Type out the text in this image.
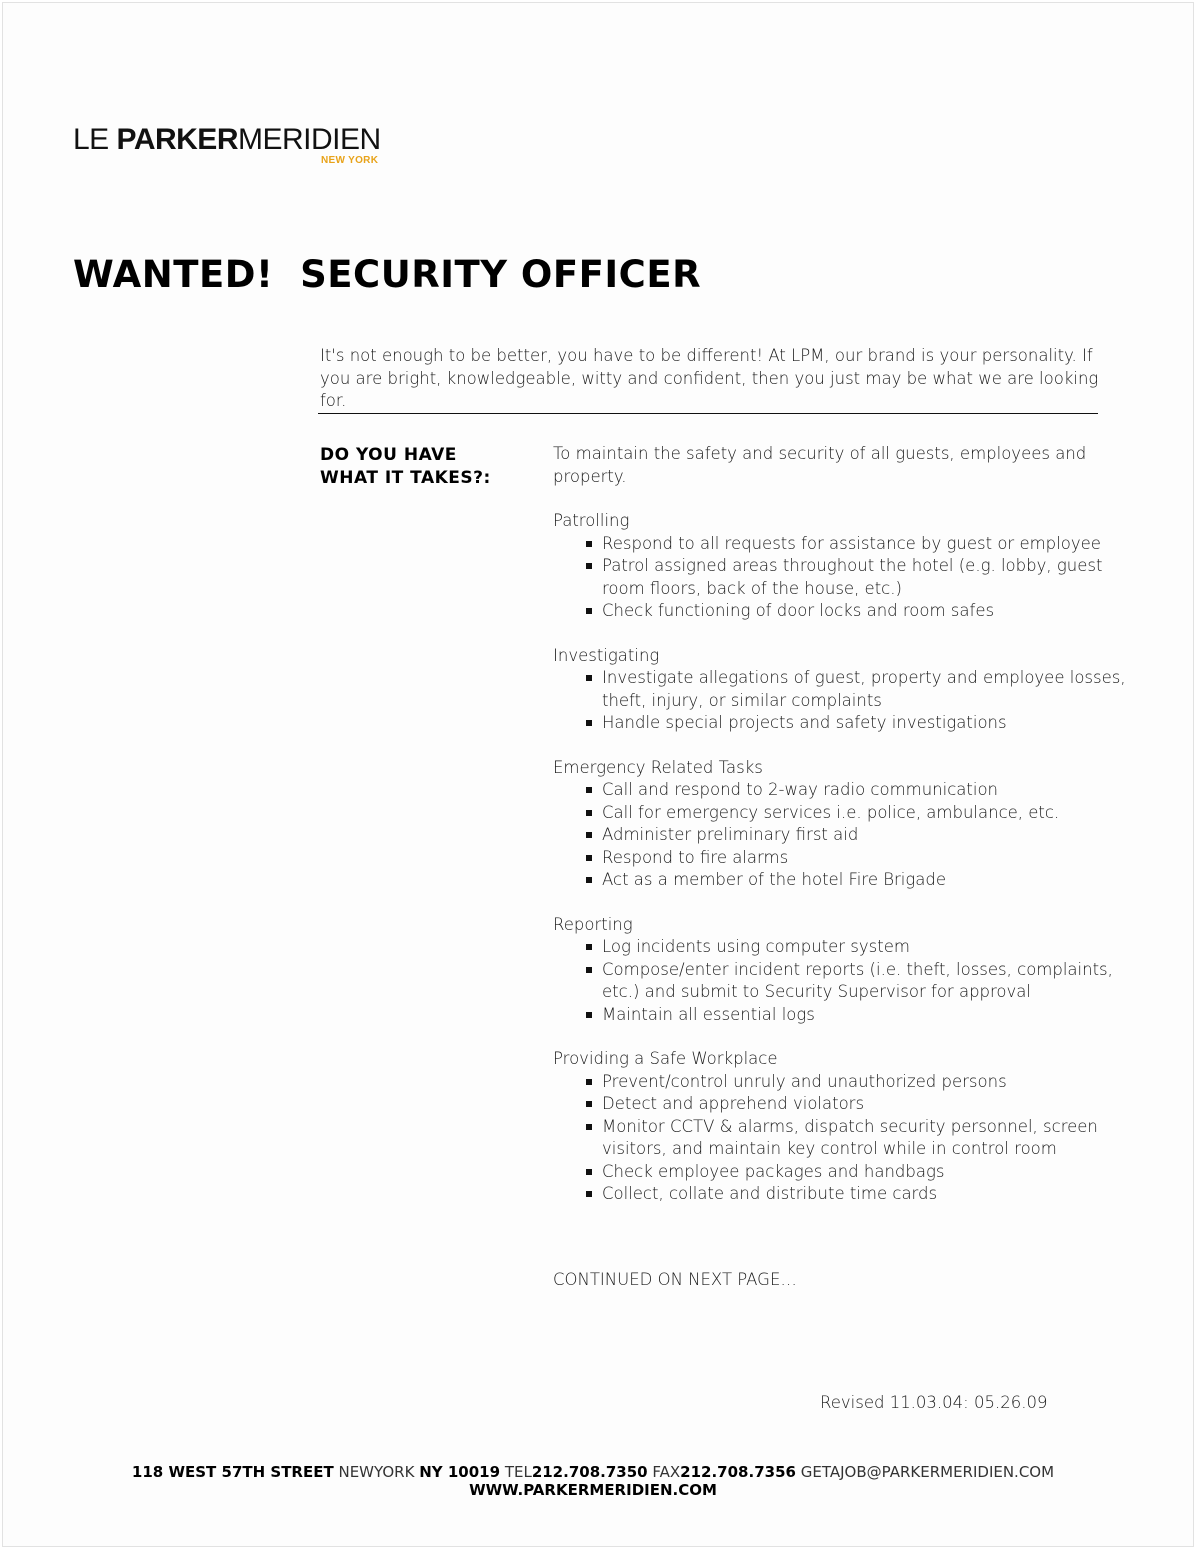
LE PARKERMERIDIEN
NEW YORK
WANTED!  SECURITY OFFICER
It's not enough to be better, you have to be different! At LPM, our brand is your personality. If you are bright, knowledgeable, witty and confident, then you just may be what we are looking for.
DO YOU HAVE
WHAT IT TAKES?:

To maintain the safety and security of all guests, employees and property.

Patrolling

Respond to all requests for assistance by guest or employee
Patrol assigned areas throughout the hotel (e.g. lobby, guest room floors, back of the house, etc.)
Check functioning of door locks and room safes

Investigating

Investigate allegations of guest, property and employee losses, theft, injury, or similar complaints
Handle special projects and safety investigations

Emergency Related Tasks

Call and respond to 2-way radio communication
Call for emergency services i.e. police, ambulance, etc.
Administer preliminary first aid
Respond to fire alarms
Act as a member of the hotel Fire Brigade

Reporting

Log incidents using computer system
Compose/enter incident reports (i.e. theft, losses, complaints, etc.) and submit to Security Supervisor for approval
Maintain all essential logs

Providing a Safe Workplace

Prevent/control unruly and unauthorized persons
Detect and apprehend violators
Monitor CCTV & alarms, dispatch security personnel, screen visitors, and maintain key control while in control room
Check employee packages and handbags
Collect, collate and distribute time cards
CONTINUED ON NEXT PAGE…
Revised 11.03.04: 05.26.09
118 WEST 57TH STREET NEWYORK NY 10019 TEL212.708.7350 FAX212.708.7356 GETAJOB@PARKERMERIDIEN.COM
WWW.PARKERMERIDIEN.COM
